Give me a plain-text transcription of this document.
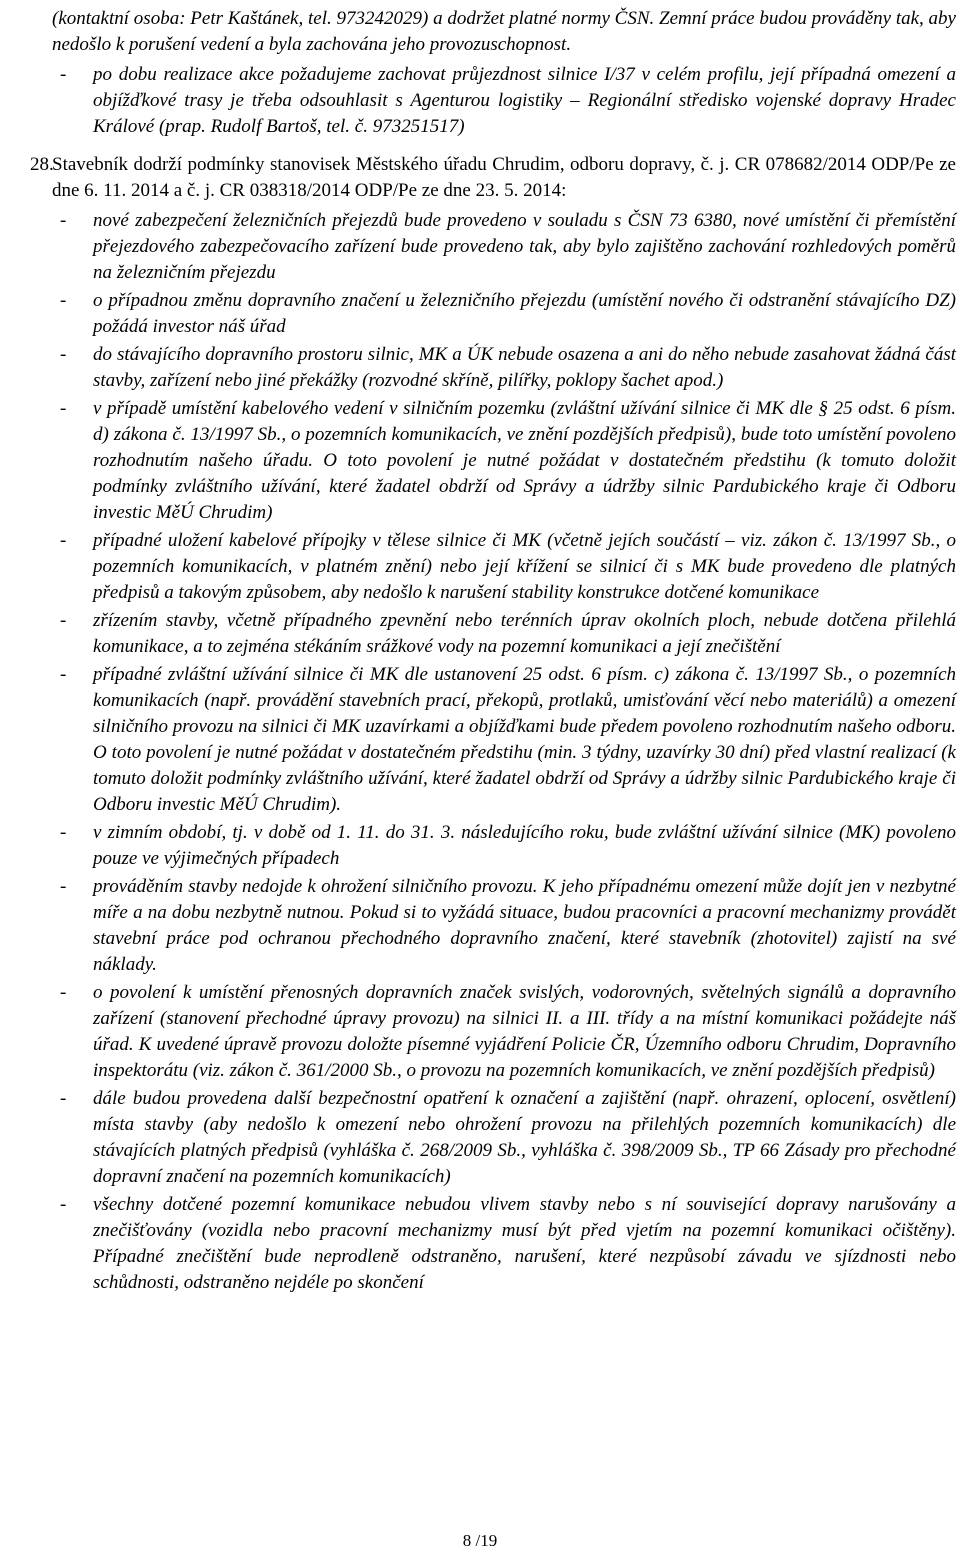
(kontaktní osoba: Petr Kaštánek, tel. 973242029) a dodržet platné normy ČSN. Zemní práce budou prováděny tak, aby nedošlo k porušení vedení a byla zachována jeho provozuschopnost.

- po dobu realizace akce požadujeme zachovat průjezdnost silnice I/37 v celém profilu, její případná omezení a objížďkové trasy je třeba odsouhlasit s Agenturou logistiky – Regionální středisko vojenské dopravy Hradec Králové (prap. Rudolf Bartoš, tel. č. 973251517)
28.
Stavebník dodrží podmínky stanovisek Městského úřadu Chrudim, odboru dopravy, č. j. CR 078682/2014 ODP/Pe ze dne 6. 11. 2014 a č. j. CR 038318/2014 ODP/Pe ze dne 23. 5. 2014:
- nové zabezpečení železničních přejezdů bude provedeno v souladu s ČSN 73 6380, nové umístění či přemístění přejezdového zabezpečovacího zařízení bude provedeno tak, aby bylo zajištěno zachování rozhledových poměrů na železničním přejezdu
- o případnou změnu dopravního značení u železničního přejezdu (umístění nového či odstranění stávajícího DZ) požádá investor náš úřad
- do stávajícího dopravního prostoru silnic, MK a ÚK nebude osazena a ani do něho nebude zasahovat žádná část stavby, zařízení nebo jiné překážky (rozvodné skříně, pilířky, poklopy šachet apod.)
- v případě umístění kabelového vedení v silničním pozemku (zvláštní užívání silnice či MK dle § 25 odst. 6 písm. d) zákona č. 13/1997 Sb., o pozemních komunikacích, ve znění pozdějších předpisů), bude toto umístění povoleno rozhodnutím našeho úřadu. O toto povolení je nutné požádat v dostatečném předstihu (k tomuto doložit podmínky zvláštního užívání, které žadatel obdrží od Správy a údržby silnic Pardubického kraje či Odboru investic MěÚ Chrudim)
- případné uložení kabelové přípojky v tělese silnice či MK (včetně jejích součástí – viz. zákon č. 13/1997 Sb., o pozemních komunikacích, v platném znění) nebo její křížení se silnicí či s MK bude provedeno dle platných předpisů a takovým způsobem, aby nedošlo k narušení stability konstrukce dotčené komunikace
- zřízením stavby, včetně případného zpevnění nebo terénních úprav okolních ploch, nebude dotčena přilehlá komunikace, a to zejména stékáním srážkové vody na pozemní komunikaci a její znečištění
- případné zvláštní užívání silnice či MK dle ustanovení 25 odst. 6 písm. c) zákona č. 13/1997 Sb., o pozemních komunikacích (např. provádění stavebních prací, překopů, protlaků, umisťování věcí nebo materiálů) a omezení silničního provozu na silnici či MK uzavírkami a objížďkami bude předem povoleno rozhodnutím našeho odboru. O toto povolení je nutné požádat v dostatečném předstihu (min. 3 týdny, uzavírky 30 dní) před vlastní realizací (k tomuto doložit podmínky zvláštního užívání, které žadatel obdrží od Správy a údržby silnic Pardubického kraje či Odboru investic MěÚ Chrudim).
- v zimním období, tj. v době od 1. 11. do 31. 3. následujícího roku, bude zvláštní užívání silnice (MK) povoleno pouze ve výjimečných případech
- prováděním stavby nedojde k ohrožení silničního provozu. K jeho případnému omezení může dojít jen v nezbytné míře a na dobu nezbytně nutnou. Pokud si to vyžádá situace, budou pracovníci a pracovní mechanizmy provádět stavební práce pod ochranou přechodného dopravního značení, které stavebník (zhotovitel) zajistí na své náklady.
- o povolení k umístění přenosných dopravních značek svislých, vodorovných, světelných signálů a dopravního zařízení (stanovení přechodné úpravy provozu) na silnici II. a III. třídy a na místní komunikaci požádejte náš úřad. K uvedené úpravě provozu doložte písemné vyjádření Policie ČR, Územního odboru Chrudim, Dopravního inspektorátu (viz. zákon č. 361/2000 Sb., o provozu na pozemních komunikacích, ve znění pozdějších předpisů)
- dále budou provedena další bezpečnostní opatření k označení a zajištění (např. ohrazení, oplocení, osvětlení) místa stavby (aby nedošlo k omezení nebo ohrožení provozu na přilehlých pozemních komunikacích) dle stávajících platných předpisů (vyhláška č. 268/2009 Sb., vyhláška č. 398/2009 Sb., TP 66 Zásady pro přechodné dopravní značení na pozemních komunikacích)
- všechny dotčené pozemní komunikace nebudou vlivem stavby nebo s ní související dopravy narušovány a znečišťovány (vozidla nebo pracovní mechanizmy musí být před vjetím na pozemní komunikaci očištěny). Případné znečištění bude neprodleně odstraněno, narušení, které nezpůsobí závadu ve sjízdnosti nebo schůdnosti, odstraněno nejdéle po skončení
8 /19
